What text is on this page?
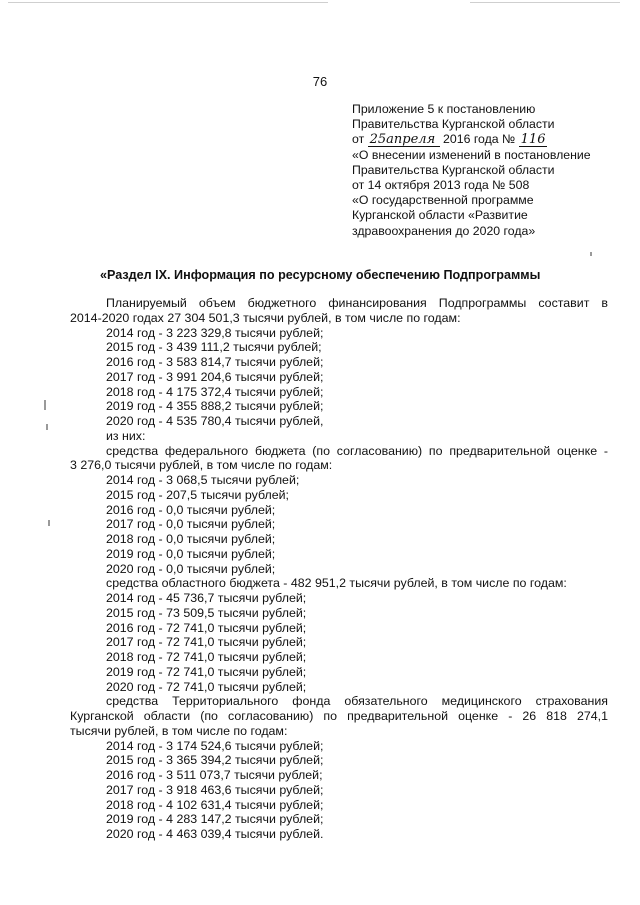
76
Приложение 5 к постановлению
Правительства Курганской области
от 25апреля 2016 года № 116
«О внесении изменений в постановление
Правительства Курганской области
от 14 октября 2013 года № 508
«О государственной программе
Курганской области «Развитие
здравоохранения до 2020 года»
«Раздел IX. Информация по ресурсному обеспечению Подпрограммы
Планируемый объем бюджетного финансирования Подпрограммы составит в
2014-2020 годах 27 304 501,3 тысячи рублей, в том числе по годам:
2014 год - 3 223 329,8 тысячи рублей;
2015 год - 3 439 111,2 тысячи рублей;
2016 год - 3 583 814,7 тысячи рублей;
2017 год - 3 991 204,6 тысячи рублей;
2018 год - 4 175 372,4 тысячи рублей;
2019 год - 4 355 888,2 тысячи рублей;
2020 год - 4 535 780,4 тысячи рублей,
из них:
средства федерального бюджета (по согласованию) по предварительной оценке -
3 276,0 тысячи рублей, в том числе по годам:
2014 год - 3 068,5 тысячи рублей;
2015 год - 207,5 тысячи рублей;
2016 год - 0,0 тысячи рублей;
2017 год - 0,0 тысячи рублей;
2018 год - 0,0 тысячи рублей;
2019 год - 0,0 тысячи рублей;
2020 год - 0,0 тысячи рублей;
средства областного бюджета - 482 951,2 тысячи рублей, в том числе по годам:
2014 год - 45 736,7 тысячи рублей;
2015 год - 73 509,5 тысячи рублей;
2016 год - 72 741,0 тысячи рублей;
2017 год - 72 741,0 тысячи рублей;
2018 год - 72 741,0 тысячи рублей;
2019 год - 72 741,0 тысячи рублей;
2020 год - 72 741,0 тысячи рублей;
средства Территориального фонда обязательного медицинского страхования
Курганской области (по согласованию) по предварительной оценке - 26 818 274,1
тысячи рублей, в том числе по годам:
2014 год - 3 174 524,6 тысячи рублей;
2015 год - 3 365 394,2 тысячи рублей;
2016 год - 3 511 073,7 тысячи рублей;
2017 год - 3 918 463,6 тысячи рублей;
2018 год - 4 102 631,4 тысячи рублей;
2019 год - 4 283 147,2 тысячи рублей;
2020 год - 4 463 039,4 тысячи рублей.
